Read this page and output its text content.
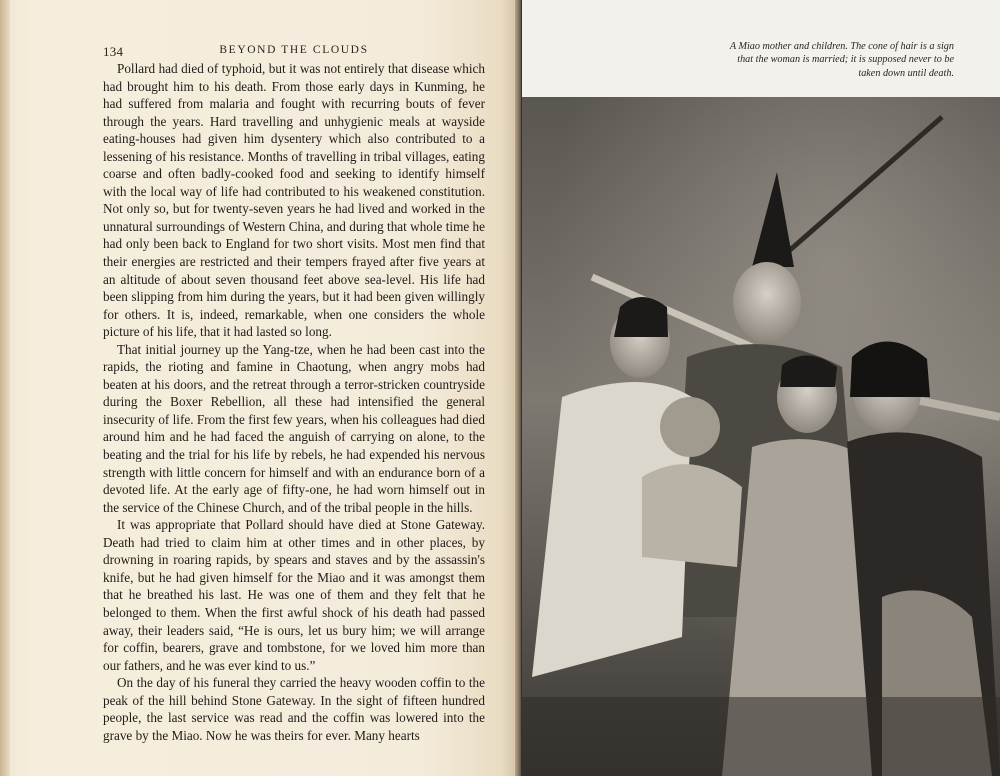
134	BEYOND THE CLOUDS

Pollard had died of typhoid, but it was not entirely that disease which had brought him to his death. From those early days in Kunming, he had suffered from malaria and fought with recurring bouts of fever through the years. Hard travelling and unhygienic meals at wayside eating-houses had given him dysentery which also contributed to a lessening of his resistance. Months of travelling in tribal villages, eating coarse and often badly-cooked food and seeking to identify himself with the local way of life had contributed to his weakened constitution. Not only so, but for twenty-seven years he had lived and worked in the unnatural surroundings of Western China, and during that whole time he had only been back to England for two short visits. Most men find that their energies are restricted and their tempers frayed after five years at an altitude of about seven thousand feet above sea-level. His life had been slipping from him during the years, but it had been given willingly for others. It is, indeed, remarkable, when one considers the whole picture of his life, that it had lasted so long.

That initial journey up the Yang-tze, when he had been cast into the rapids, the rioting and famine in Chaotung, when angry mobs had beaten at his doors, and the retreat through a terror-stricken countryside during the Boxer Rebellion, all these had intensified the general insecurity of life. From the first few years, when his colleagues had died around him and he had faced the anguish of carrying on alone, to the beating and the trial for his life by rebels, he had expended his nervous strength with little concern for himself and with an endurance born of a devoted life. At the early age of fifty-one, he had worn himself out in the service of the Chinese Church, and of the tribal people in the hills.

It was appropriate that Pollard should have died at Stone Gateway. Death had tried to claim him at other times and in other places, by drowning in roaring rapids, by spears and staves and by the assassin's knife, but he had given himself for the Miao and it was amongst them that he breathed his last. He was one of them and they felt that he belonged to them. When the first awful shock of his death had passed away, their leaders said, “He is ours, let us bury him; we will arrange for coffin, bearers, grave and tombstone, for we loved him more than our fathers, and he was ever kind to us.”

On the day of his funeral they carried the heavy wooden coffin to the peak of the hill behind Stone Gateway. In the sight of fifteen hundred people, the last service was read and the coffin was lowered into the grave by the Miao. Now he was theirs for ever. Many hearts

A Miao mother and children. The cone of hair is a sign that the woman is married; it is supposed never to be taken down until death.
